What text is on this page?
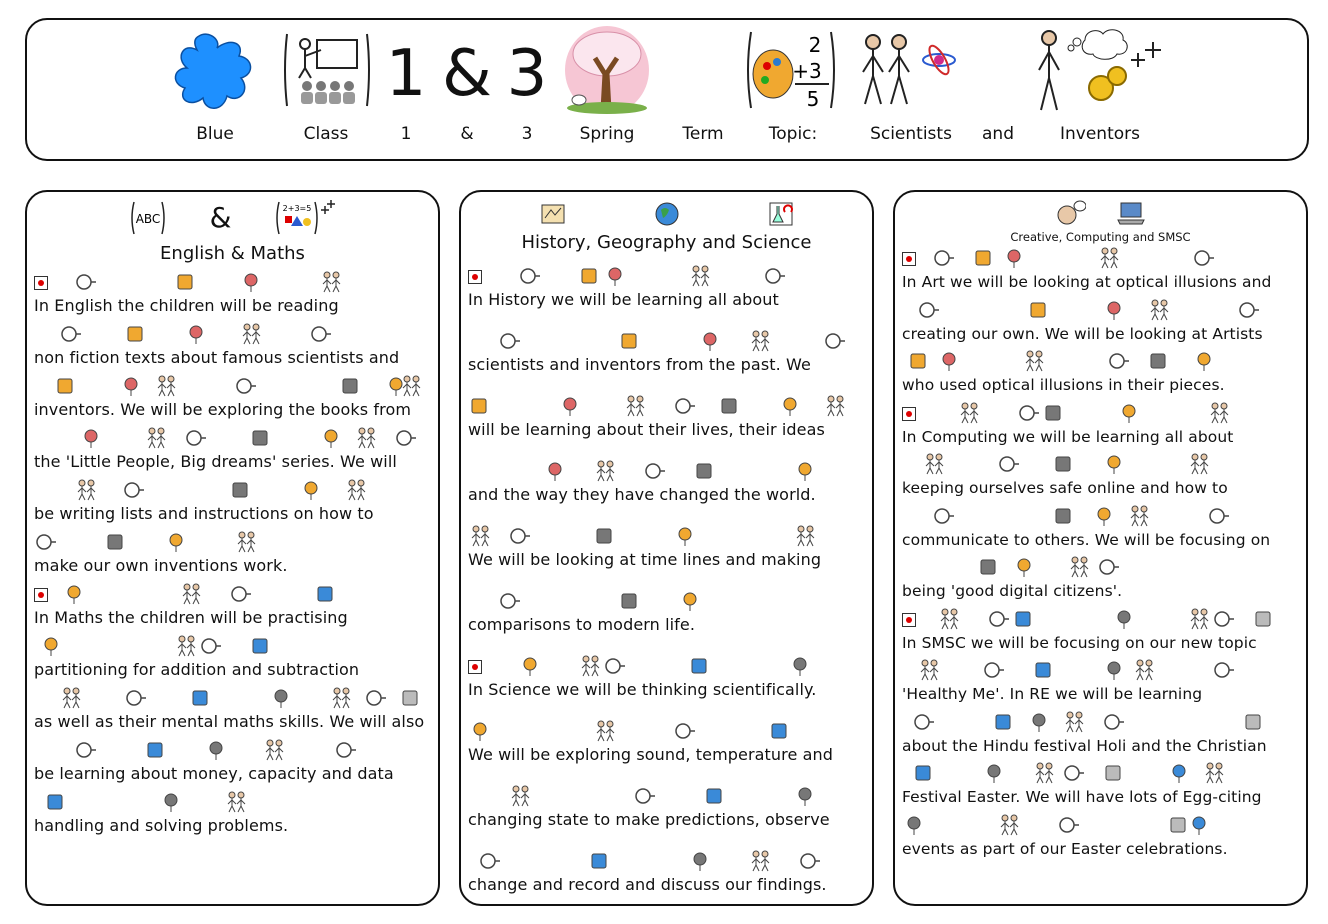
1 & 3	2
+3
5
Blue	Class	1	&	3	Spring	Term	Topic:	Scientists and	Inventors
ABC &	2+3=5
English & Maths
In English the children will be reading
non fiction texts about famous scientists and
inventors. We will be exploring the books from
the 'Little People, Big dreams' series. We will
be writing lists and instructions on how to
make our own inventions work.
In Maths the children will be practising
partitioning for addition and subtraction
as well as their mental maths skills. We will also
be learning about money, capacity and data
handling and solving problems.
History, Geography and Science
In History we will be learning all about
scientists and inventors from the past. We
will be learning about their lives, their ideas
and the way they have changed the world.
We will be looking at time lines and making
comparisons to modern life.
In Science we will be thinking scientifically.
We will be exploring sound, temperature and
changing state to make predictions, observe
change and record and discuss our findings.
Creative, Computing and SMSC
In Art we will be looking at optical illusions and
creating our own. We will be looking at Artists
who used optical illusions in their pieces.
In Computing we will be learning all about
keeping ourselves safe online and how to
communicate to others. We will be focusing on
being 'good digital citizens'.
In SMSC we will be focusing on our new topic
'Healthy Me'. In RE we will be learning
about the Hindu festival Holi and the Christian
Festival Easter. We will have lots of Egg-citing
events as part of our Easter celebrations.
